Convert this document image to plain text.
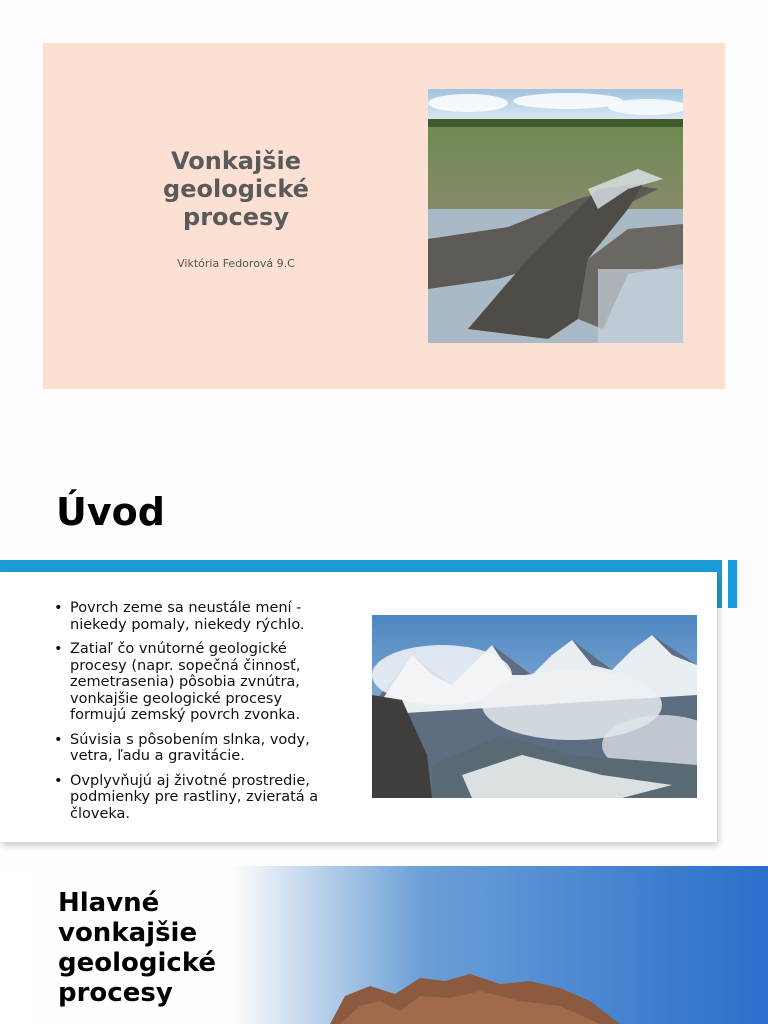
Vonkajšie geologické procesy
Viktória Fedorová 9.C
Úvod
• Povrch zeme sa neustále mení - niekedy pomaly, niekedy rýchlo.
• Zatiaľ čo vnútorné geologické procesy (napr. sopečná činnosť, zemetrasenia) pôsobia zvnútra, vonkajšie geologické procesy formujú zemský povrch zvonka.
• Súvisia s pôsobením slnka, vody, vetra, ľadu a gravitácie.
• Ovplyvňujú aj životné prostredie, podmienky pre rastliny, zvieratá a človeka.
Hlavné vonkajšie geologické procesy
